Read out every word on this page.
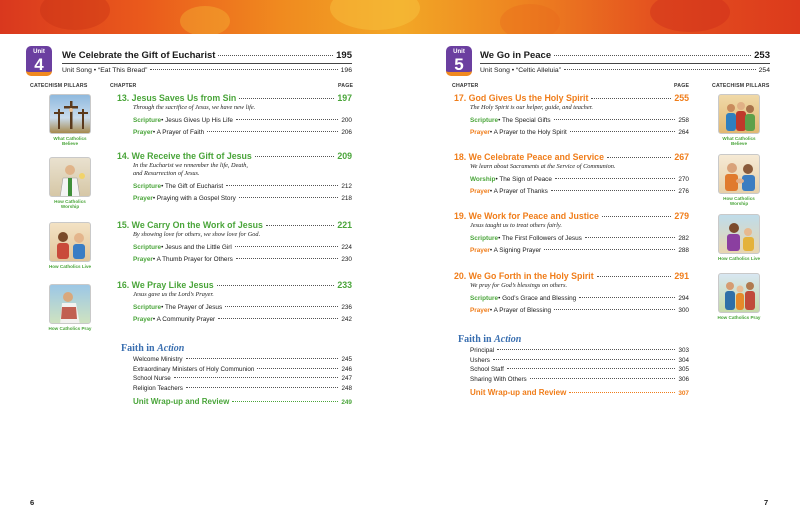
Unit
4	We Celebrate the Gift of Eucharist	195
Unit Song • “Eat This Bread”	196
CATECHISM PILLARS	CHAPTER	PAGE
What Catholics Believe
How Catholics Worship
How Catholics Live
How Catholics Pray
13. Jesus Saves Us from Sin	197
Through the sacrifice of Jesus, we have new life.
Scripture • Jesus Gives Up His Life	200
Prayer • A Prayer of Faith	206
14. We Receive the Gift of Jesus	209
In the Eucharist we remember the life, Death,
and Resurrection of Jesus.
Scripture • The Gift of Eucharist	212
Prayer • Praying with a Gospel Story	218
15. We Carry On the Work of Jesus	221
By showing love for others, we show love for God.
Scripture • Jesus and the Little Girl	224
Prayer • A Thumb Prayer for Others	230
16. We Pray Like Jesus	233
Jesus gave us the Lord’s Prayer.
Scripture • The Prayer of Jesus	236
Prayer • A Community Prayer	242
Faith in Action
Welcome Ministry	245
Extraordinary Ministers of Holy Communion	246
School Nurse	247
Religion Teachers	248
Unit Wrap-up and Review	249
6
Unit
5	We Go in Peace	253
Unit Song • “Celtic Alleluia”	254
CHAPTER	PAGE	CATECHISM PILLARS
17. God Gives Us the Holy Spirit	255
The Holy Spirit is our helper, guide, and teacher.
Scripture • The Special Gifts	258
Prayer • A Prayer to the Holy Spirit	264
18. We Celebrate Peace and Service	267
We learn about Sacraments at the Service of Communion.
Worship • The Sign of Peace	270
Prayer • A Prayer of Thanks	276
19. We Work for Peace and Justice	279
Jesus taught us to treat others fairly.
Scripture • The First Followers of Jesus	282
Prayer • A Signing Prayer	288
20. We Go Forth in the Holy Spirit	291
We pray for God’s blessings on others.
Scripture • God’s Grace and Blessing	294
Prayer • A Prayer of Blessing	300
Faith in Action
Principal	303
Ushers	304
School Staff	305
Sharing With Others	306
Unit Wrap-up and Review	307
What Catholics Believe
How Catholics Worship
How Catholics Live
How Catholics Pray
7
